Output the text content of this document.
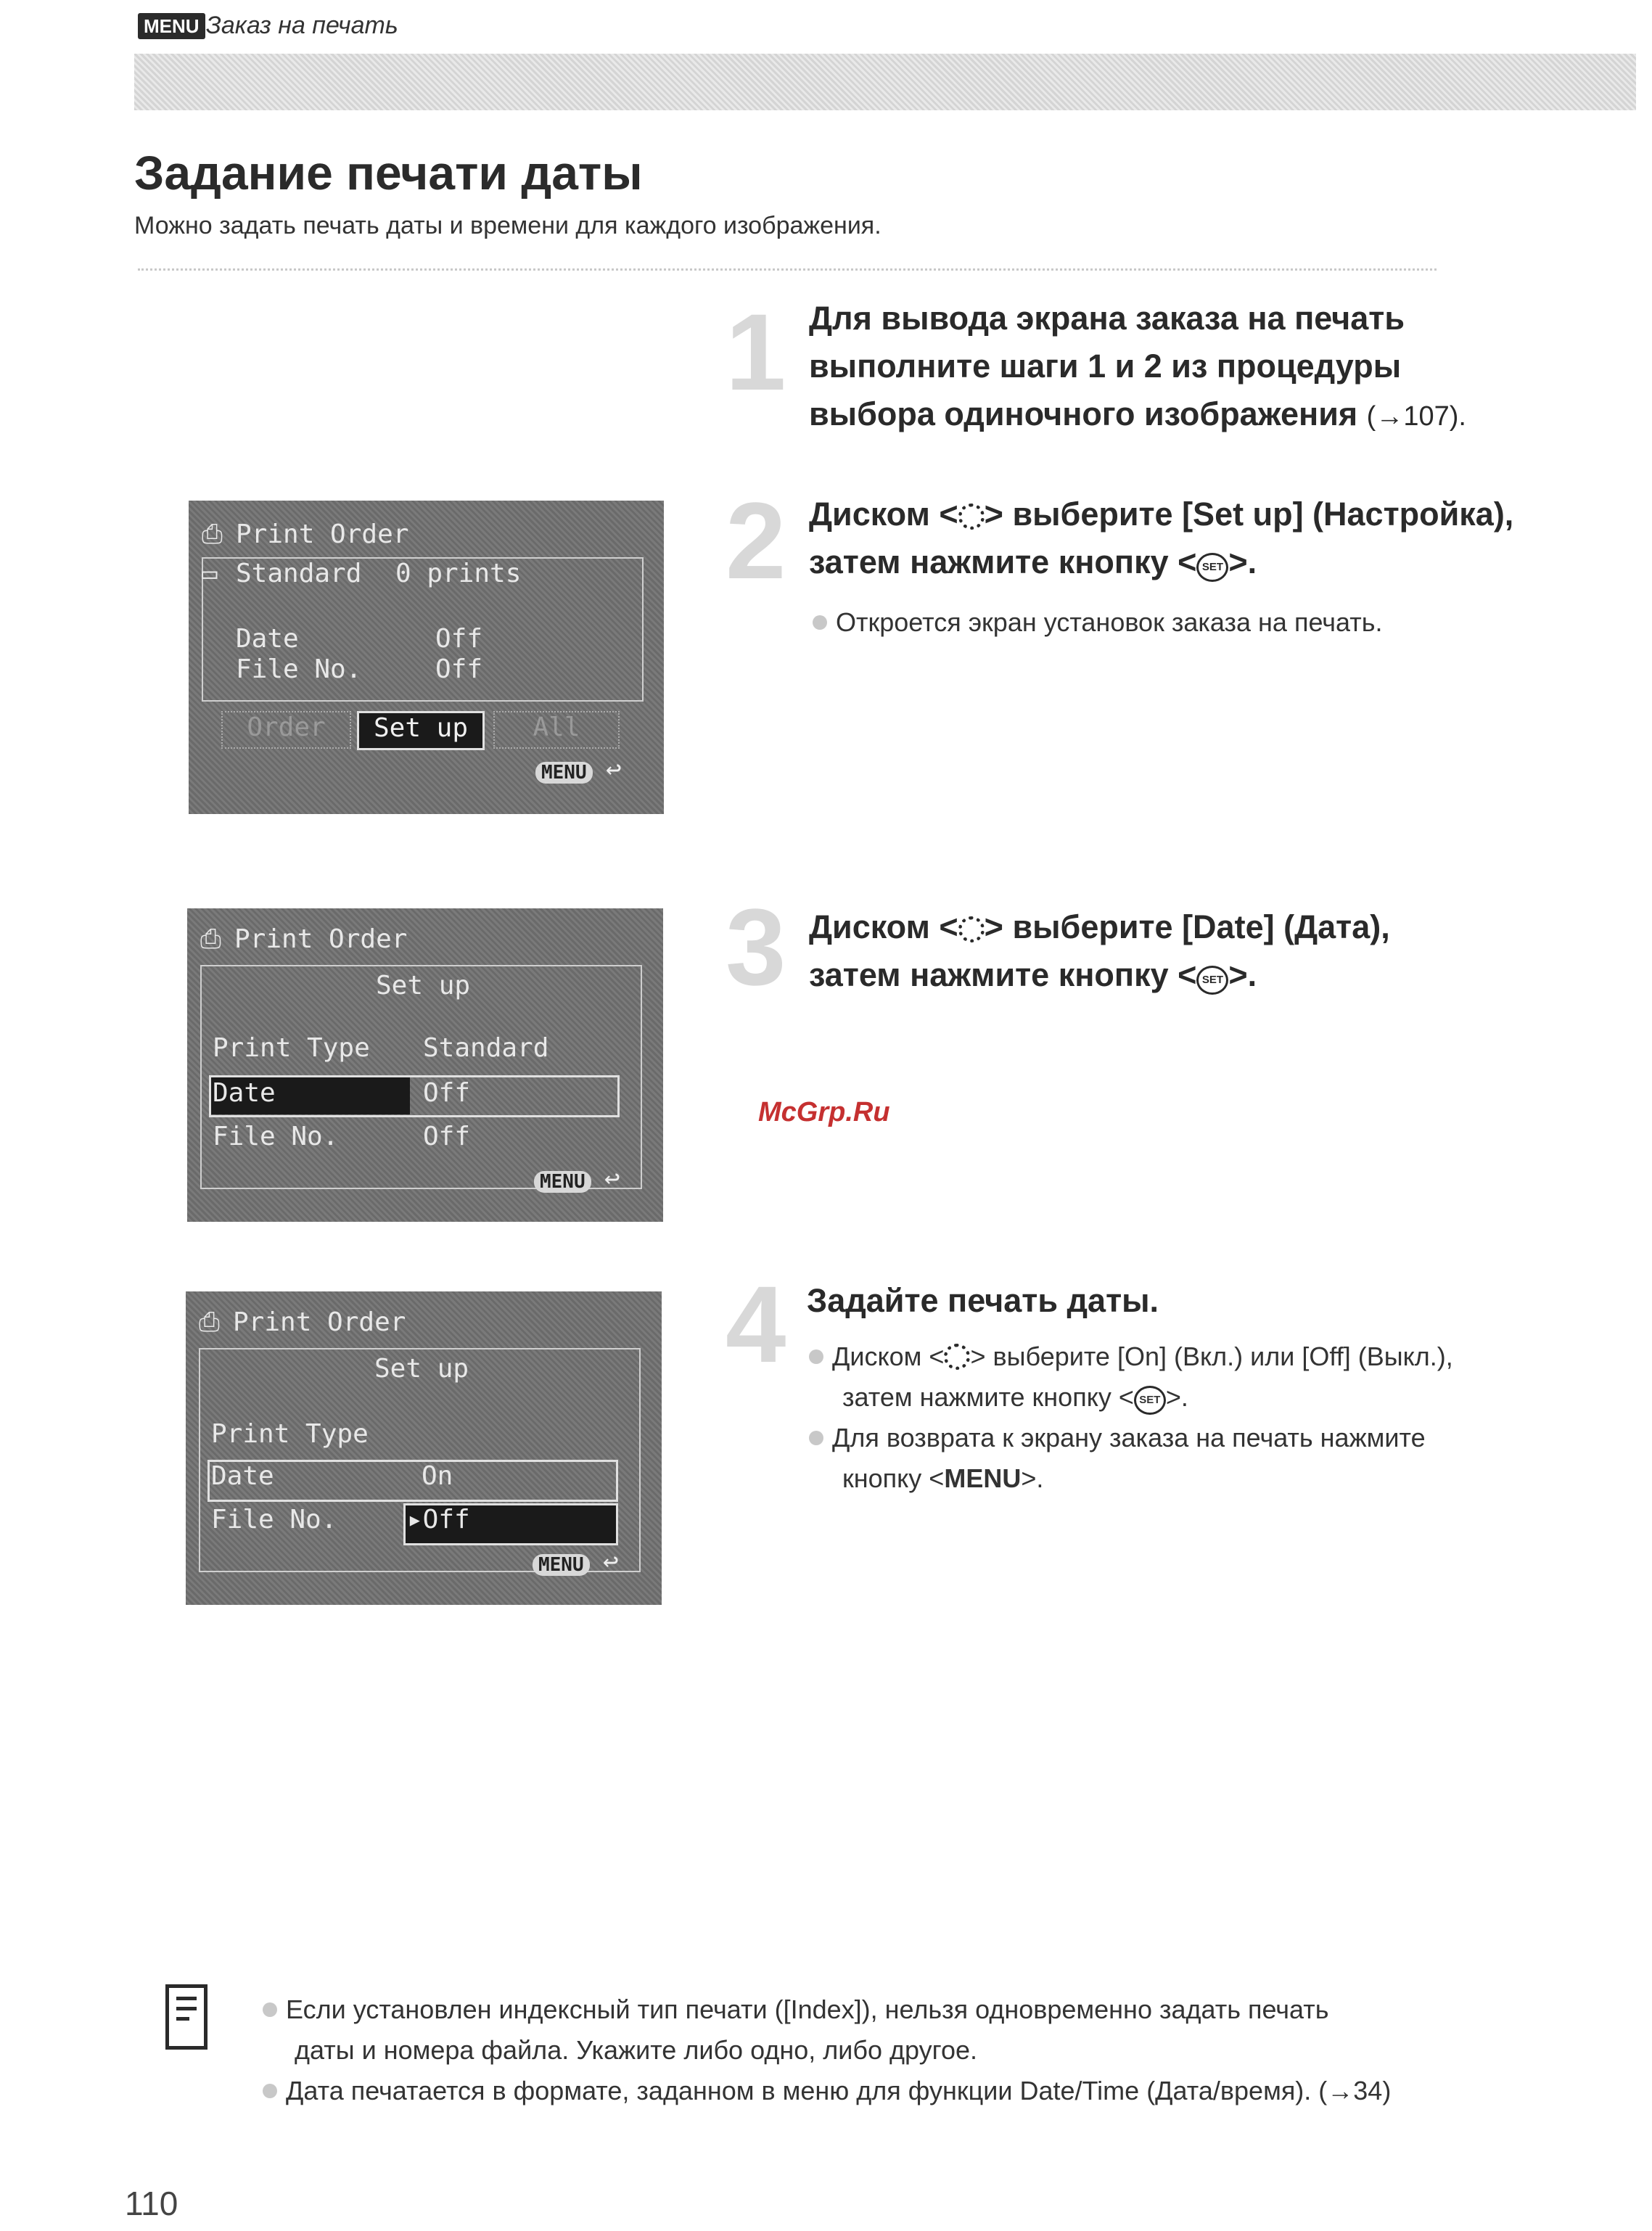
MENU Заказ на печать
Задание печати даты
Можно задать печать даты и времени для каждого изображения.
1 Для вывода экрана заказа на печать выполните шаги 1 и 2 из процедуры выбора одиночного изображения (→107).
2 Диском < > выберите [Set up] (Настройка),
затем нажмите кнопку < SET >.
Откроется экран установок заказа на печать.
3 Диском < > выберите [Date] (Дата),
затем нажмите кнопку < SET >.
4 Задайте печать даты.
Диском < > выберите [On] (Вкл.) или [Off] (Выкл.),
затем нажмите кнопку < SET >.
Для возврата к экрану заказа на печать нажмите
кнопку <MENU>.
⎙ Print Order
▭ Standard 0 prints
Date	Off
File No.	Off
Order	Set up	All
MENU ↩
⎙ Print Order
Set up
Print Type Standard
Date	Off
File No.	Off
MENU ↩
⎙ Print Order
Set up
Print Type
Date	On
File No.	▸Off
MENU ↩
McGrp.Ru
Если установлен индексный тип печати ([Index]), нельзя одновременно задать печать
даты и номера файла. Укажите либо одно, либо другое.
Дата печатается в формате, заданном в меню для функции Date/Time (Дата/время). (→34)
110
